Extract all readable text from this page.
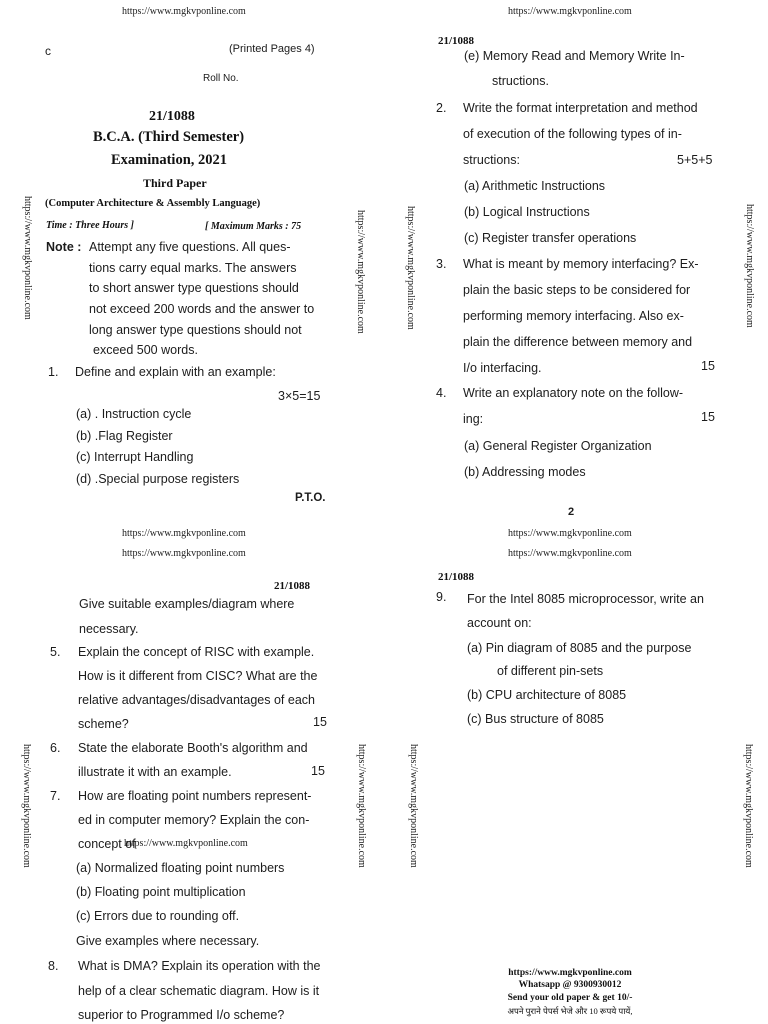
https://www.mgkvponline.com	https://www.mgkvponline.com
https://www.mgkvponline.com	https://www.mgkvponline.com	https://www.mgkvponline.com	https://www.mgkvponline.com
https://www.mgkvponline.com	https://www.mgkvponline.com
https://www.mgkvponline.com	https://www.mgkvponline.com
c	(Printed Pages 4)
Roll No.
21/1088
B.C.A. (Third Semester)
Examination, 2021
Third Paper
(Computer Architecture & Assembly Language)
Time : Three Hours ]	[ Maximum Marks : 75
Note : Attempt any five questions. All ques-
tions carry equal marks. The answers
to short answer type questions should
not exceed 200 words and the answer to
long answer type questions should not
exceed 500 words.
1. Define and explain with an example:
3×5=15
(a) . Instruction cycle
(b) .Flag Register
(c) Interrupt Handling
(d) .Special purpose registers
P.T.O.
21/1088
(e) Memory Read and Memory Write In-
structions.
2. Write the format interpretation and method
of execution of the following types of in-
structions:	5+5+5
(a) Arithmetic Instructions
(b) Logical Instructions
(c) Register transfer operations
3. What is meant by memory interfacing? Ex-
plain the basic steps to be considered for
performing memory interfacing. Also ex-
plain the difference between memory and
I/o interfacing.	15
4. Write an explanatory note on the follow-
ing:	15
(a) General Register Organization
(b) Addressing modes
2
https://www.mgkvponline.com
https://www.mgkvponline.com
https://www.mgkvponline.com
https://www.mgkvponline.com
21/1088
Give suitable examples/diagram where
necessary.
5. Explain the concept of RISC with example.
How is it different from CISC? What are the
relative advantages/disadvantages of each
scheme?	15
6. State the elaborate Booth's algorithm and
illustrate it with an example.	15
7. How are floating point numbers represent-
ed in computer memory? Explain the con-
concept of
https://www.mgkvponline.com
(a) Normalized floating point numbers
(b) Floating point multiplication
(c) Errors due to rounding off.
Give examples where necessary.
8. What is DMA? Explain its operation with the
help of a clear schematic diagram. How is it
superior to Programmed I/o scheme?
21/1088
9. For the Intel 8085 microprocessor, write an
account on:
(a) Pin diagram of 8085 and the purpose
of different pin-sets
(b) CPU architecture of 8085
(c) Bus structure of 8085
https://www.mgkvponline.com
Whatsapp @ 9300930012
Send your old paper & get 10/-
अपने पुराने पेपर्स भेजे और 10 रूपये पायें,
